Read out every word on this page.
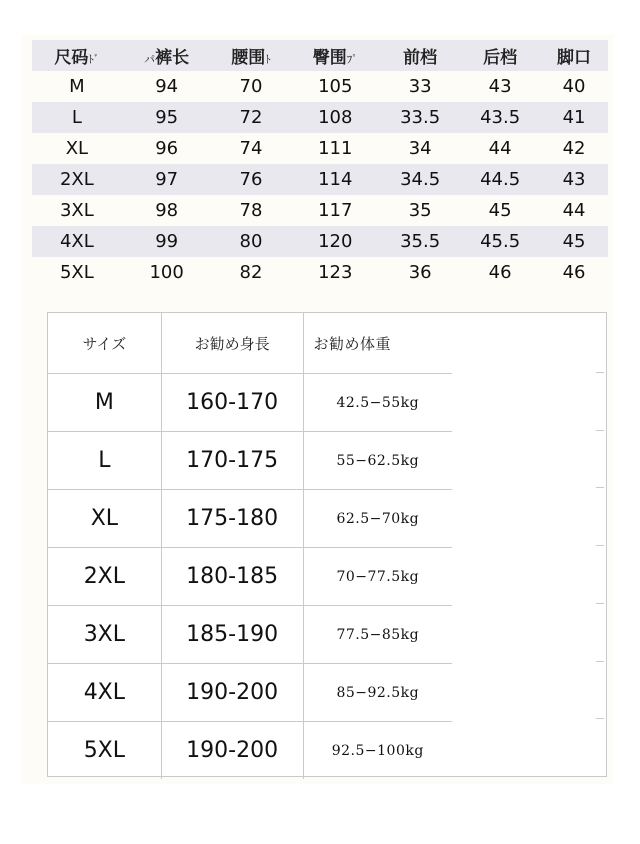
尺码ﾄﾞ	パ裤长	腰围ﾄ	臀围ﾌﾟ	前档	后档	脚口
M	94	70	105	33	43	40
L	95	72	108	33.5	43.5	41
XL	96	74	111	34	44	42
2XL	97	76	114	34.5	44.5	43
3XL	98	78	117	35	45	44
4XL	99	80	120	35.5	45.5	45
5XL	100	82	123	36	46	46
サイズ	お勧め身長	お勧め体重
M	160-170	42.5−55kg
L	170-175	55−62.5kg
XL	175-180	62.5−70kg
2XL	180-185	70−77.5kg
3XL	185-190	77.5−85kg
4XL	190-200	85−92.5kg
5XL	190-200	92.5−100kg
